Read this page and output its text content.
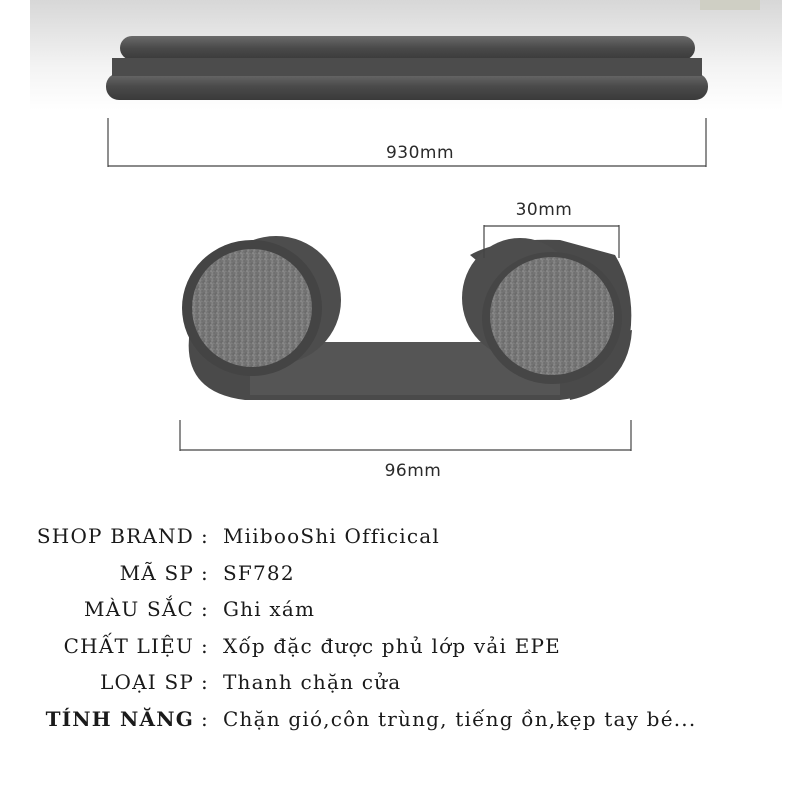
930mm
30mm
96mm
SHOP BRAND : MiibooShi Officical
MÃ SP : SF782
MÀU SẮC : Ghi xám
CHẤT LIỆU : Xốp đặc được phủ lớp vải EPE
LOẠI SP : Thanh chặn cửa
TÍNH NĂNG : Chặn gió,côn trùng, tiếng ồn,kẹp tay bé...
